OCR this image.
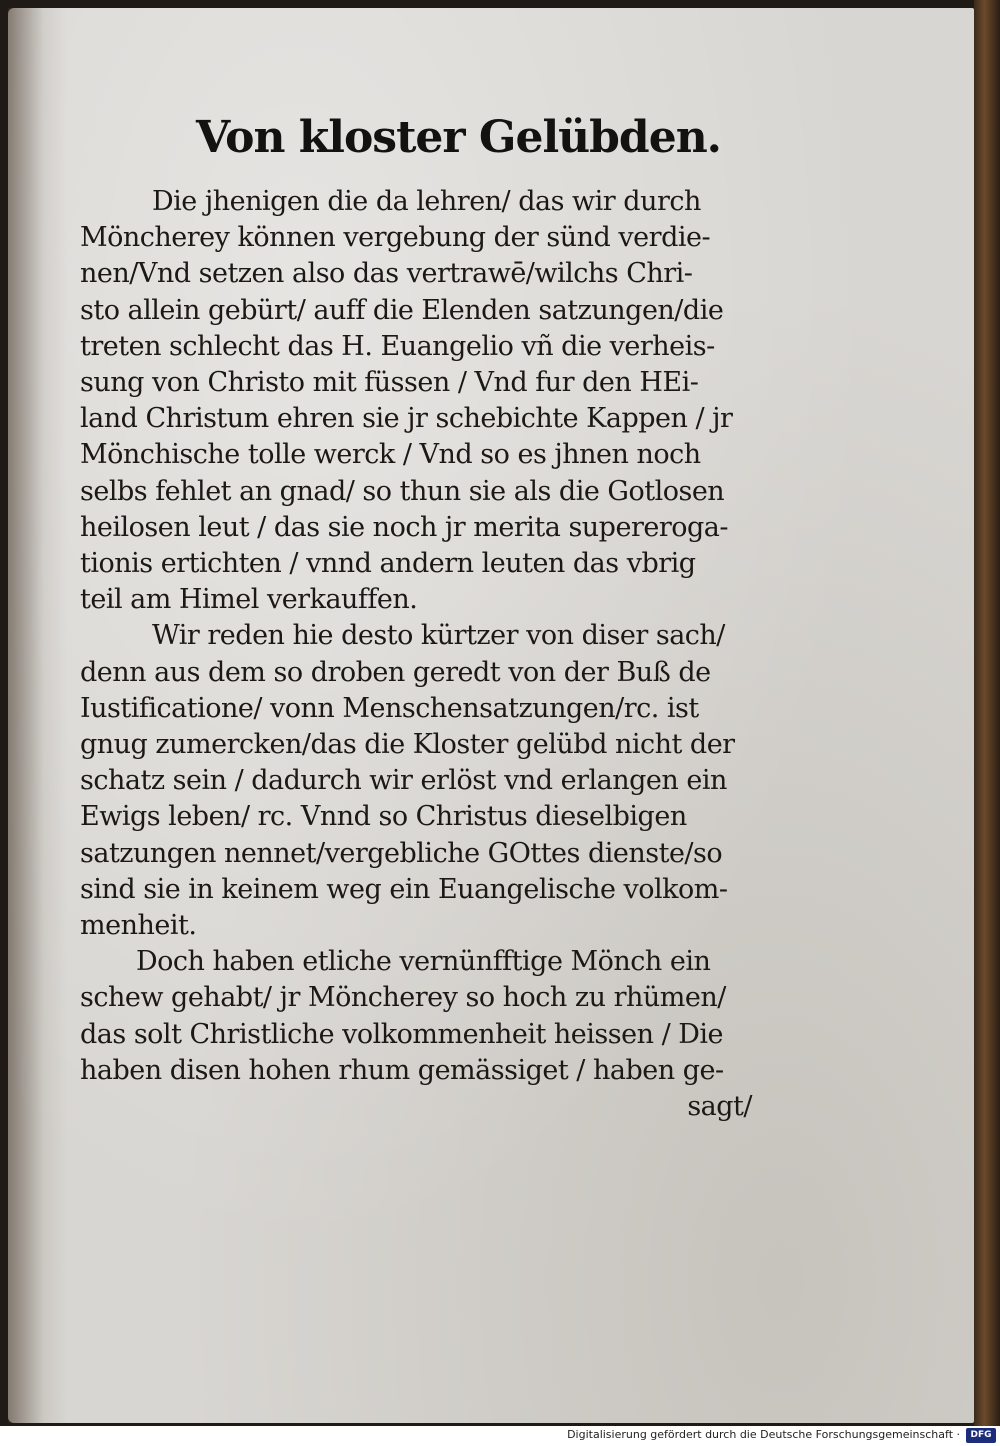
Von kloster Gelübden.
Die jhenigen die da lehren/ das wir durch
Möncherey können vergebung der sünd verdie-
nen/Vnd setzen also das vertrawē/wilchs Chri-
sto allein gebürt/ auff die Elenden satzungen/die
treten schlecht das H. Euangelio vñ die verheis-
sung von Christo mit füssen / Vnd fur den HEi-
land Christum ehren sie jr schebichte Kappen / jr
Mönchische tolle werck / Vnd so es jhnen noch
selbs fehlet an gnad/ so thun sie als die Gotlosen
heilosen leut / das sie noch jr merita supereroga-
tionis ertichten / vnnd andern leuten das vbrig
teil am Himel verkauffen.
Wir reden hie desto kürtzer von diser sach/
denn aus dem so droben geredt von der Buß de
Iustificatione/ vonn Menschensatzungen/rc. ist
gnug zumercken/das die Kloster gelübd nicht der
schatz sein / dadurch wir erlöst vnd erlangen ein
Ewigs leben/ rc. Vnnd so Christus dieselbigen
satzungen nennet/vergebliche GOttes dienste/so
sind sie in keinem weg ein Euangelische volkom-
menheit.
Doch haben etliche vernünfftige Mönch ein
schew gehabt/ jr Möncherey so hoch zu rhümen/
das solt Christliche volkommenheit heissen / Die
haben disen hohen rhum gemässiget / haben ge-
sagt/
Digitalisierung gefördert durch die Deutsche Forschungsgemeinschaft ·	DFG
